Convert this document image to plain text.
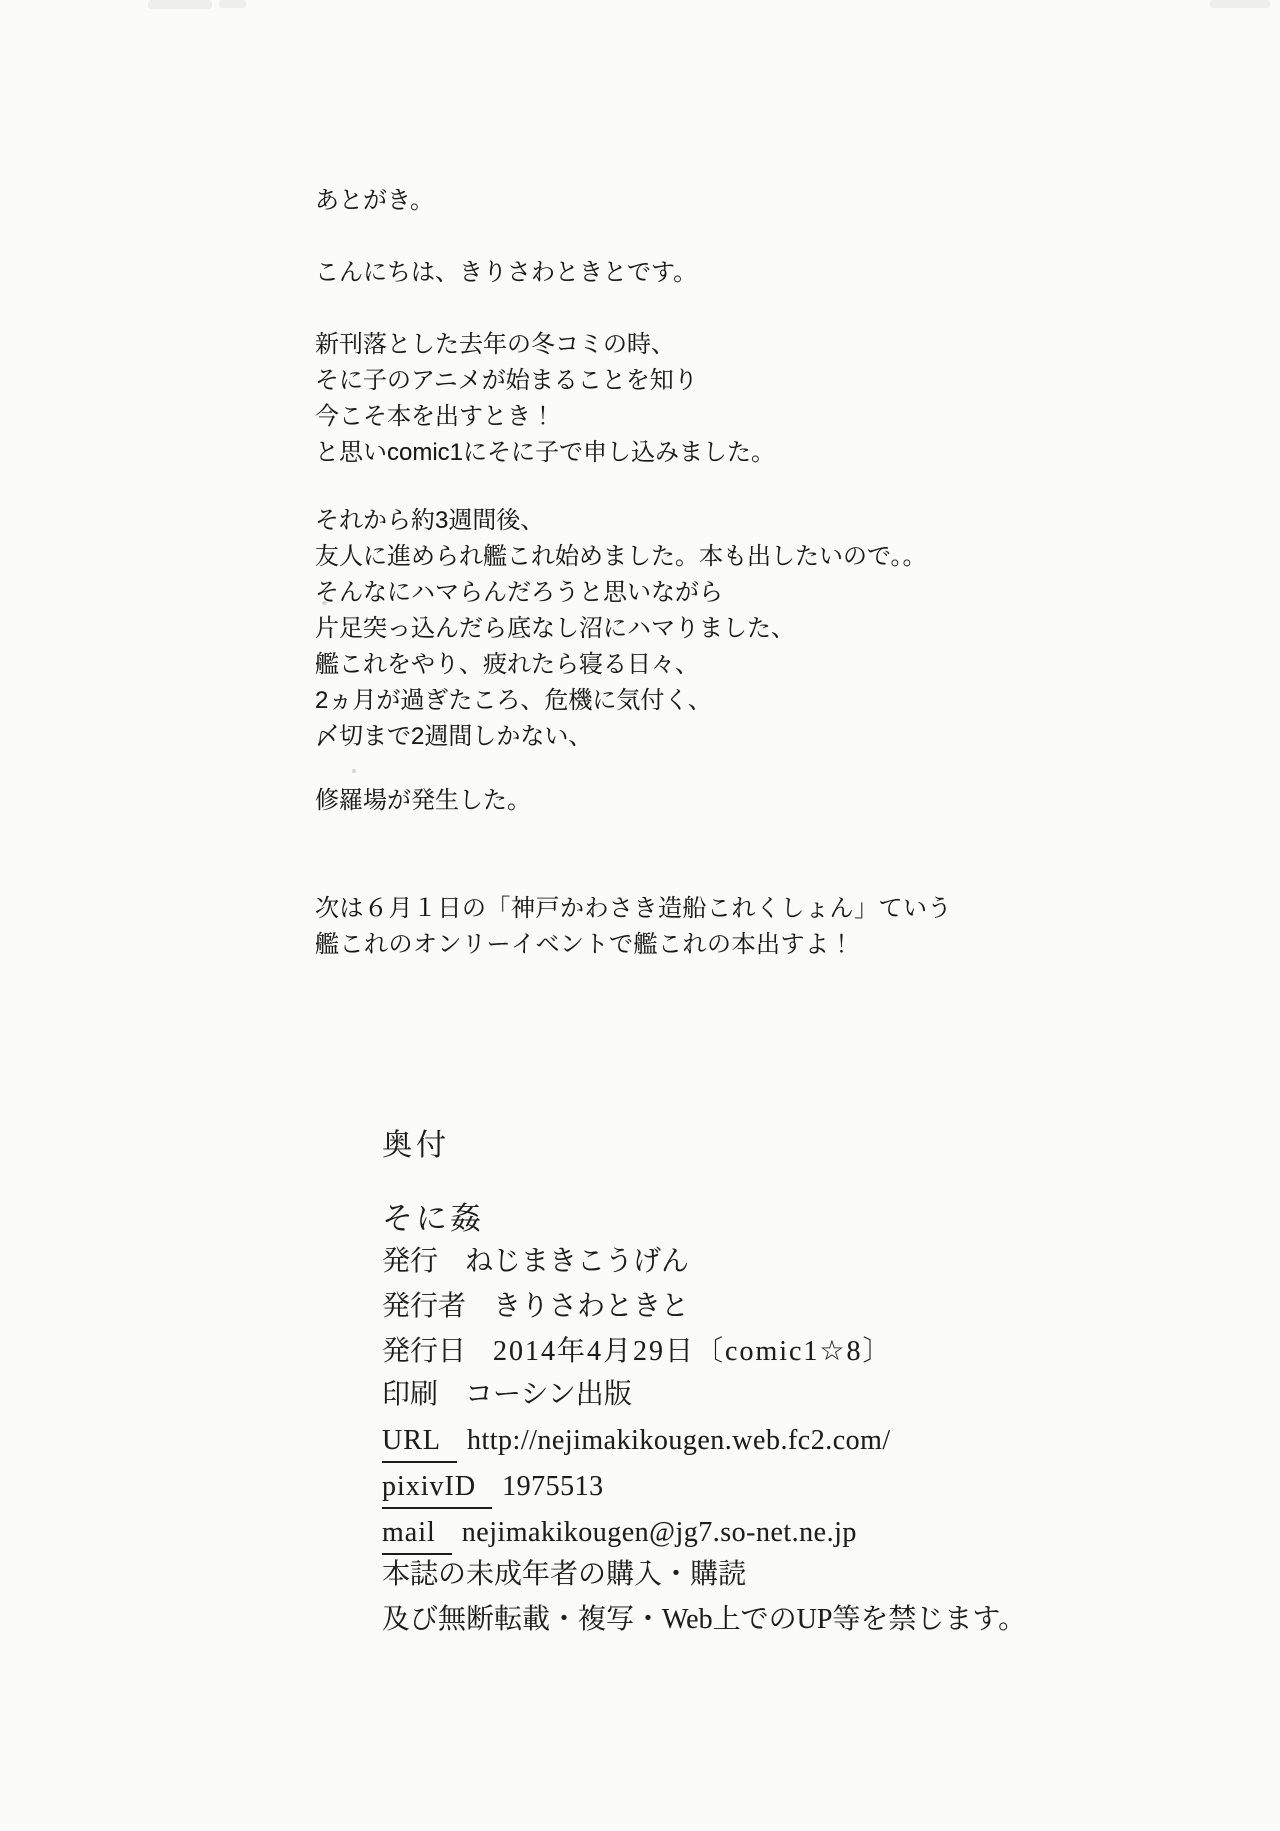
あとがき。
こんにちは、きりさわときとです。
新刊落とした去年の冬コミの時、
そに子のアニメが始まることを知り
今こそ本を出すとき！
と思いcomic1にそに子で申し込みました。
それから約3週間後、
友人に進められ艦これ始めました。本も出したいので。。
そんなにハマらんだろうと思いながら
片足突っ込んだら底なし沼にハマりました、
艦これをやり、疲れたら寝る日々、
2ヵ月が過ぎたころ、危機に気付く、
〆切まで2週間しかない、
修羅場が発生した。
次は６月１日の「神戸かわさき造船これくしょん」ていう
艦これのオンリーイベントで艦これの本出すよ！
奥付
そに姦
発行 ねじまきこうげん
発行者 きりさわときと
発行日 2014年4月29日〔comic1☆8〕
印刷 コーシン出版
URL http://nejimakikougen.web.fc2.com/
pixivID 1975513
mail nejimakikougen@jg7.so-net.ne.jp
本誌の未成年者の購入・購読
及び無断転載・複写・Web上でのUP等を禁じます。
